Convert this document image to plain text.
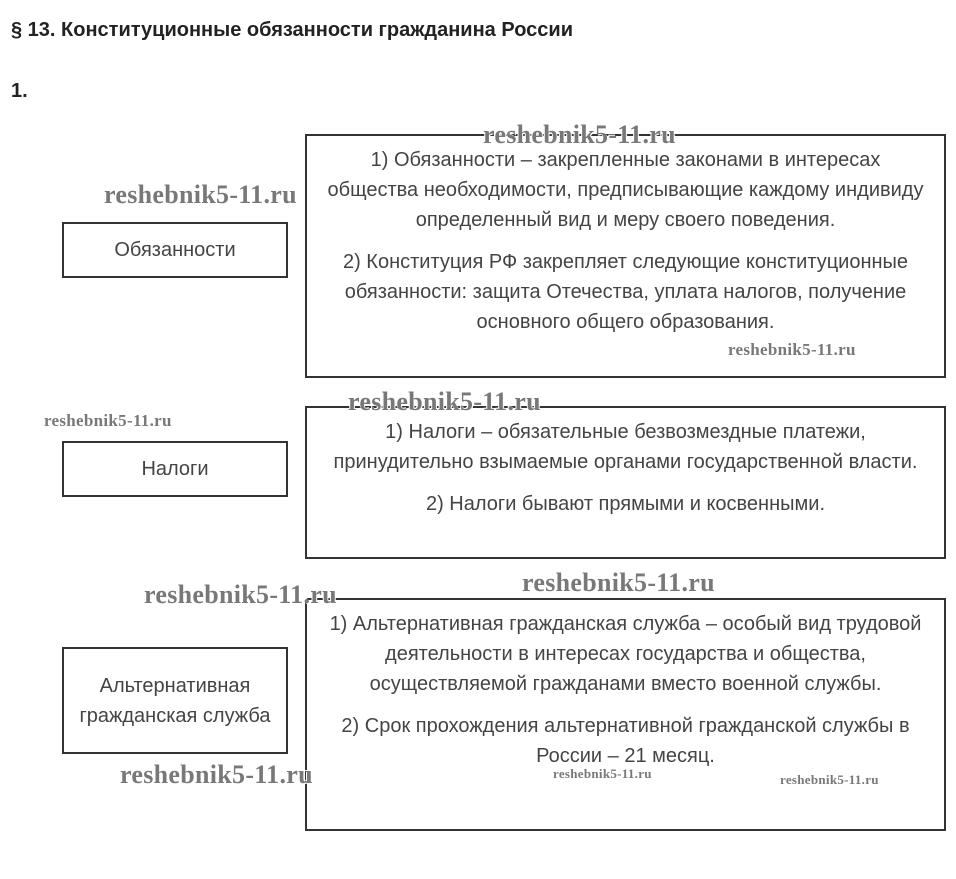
§ 13. Конституционные обязанности гражданина России
1.

1) Обязанности – закрепленные законами в интересах общества необходимости, предписывающие каждому индивиду определенный вид и меру своего поведения.

2) Конституция РФ закрепляет следующие конституционные обязанности: защита Отечества, уплата налогов, получение основного общего образования.

Обязанности

1) Налоги – обязательные безвозмездные платежи, принудительно взымаемые органами государственной власти.

2) Налоги бывают прямыми и косвенными.

Налоги

1) Альтернативная гражданская служба – особый вид трудовой деятельности в интересах государства и общества, осуществляемой гражданами вместо военной службы.

2) Срок прохождения альтернативной гражданской службы в России – 21 месяц.

Альтернативная гражданская служба
reshebnik5-11.ru
reshebnik5-11.ru
reshebnik5-11.ru
reshebnik5-11.ru
reshebnik5-11.ru
reshebnik5-11.ru
reshebnik5-11.ru
reshebnik5-11.ru	reshebnik5-11.ru	reshebnik5-11.ru
